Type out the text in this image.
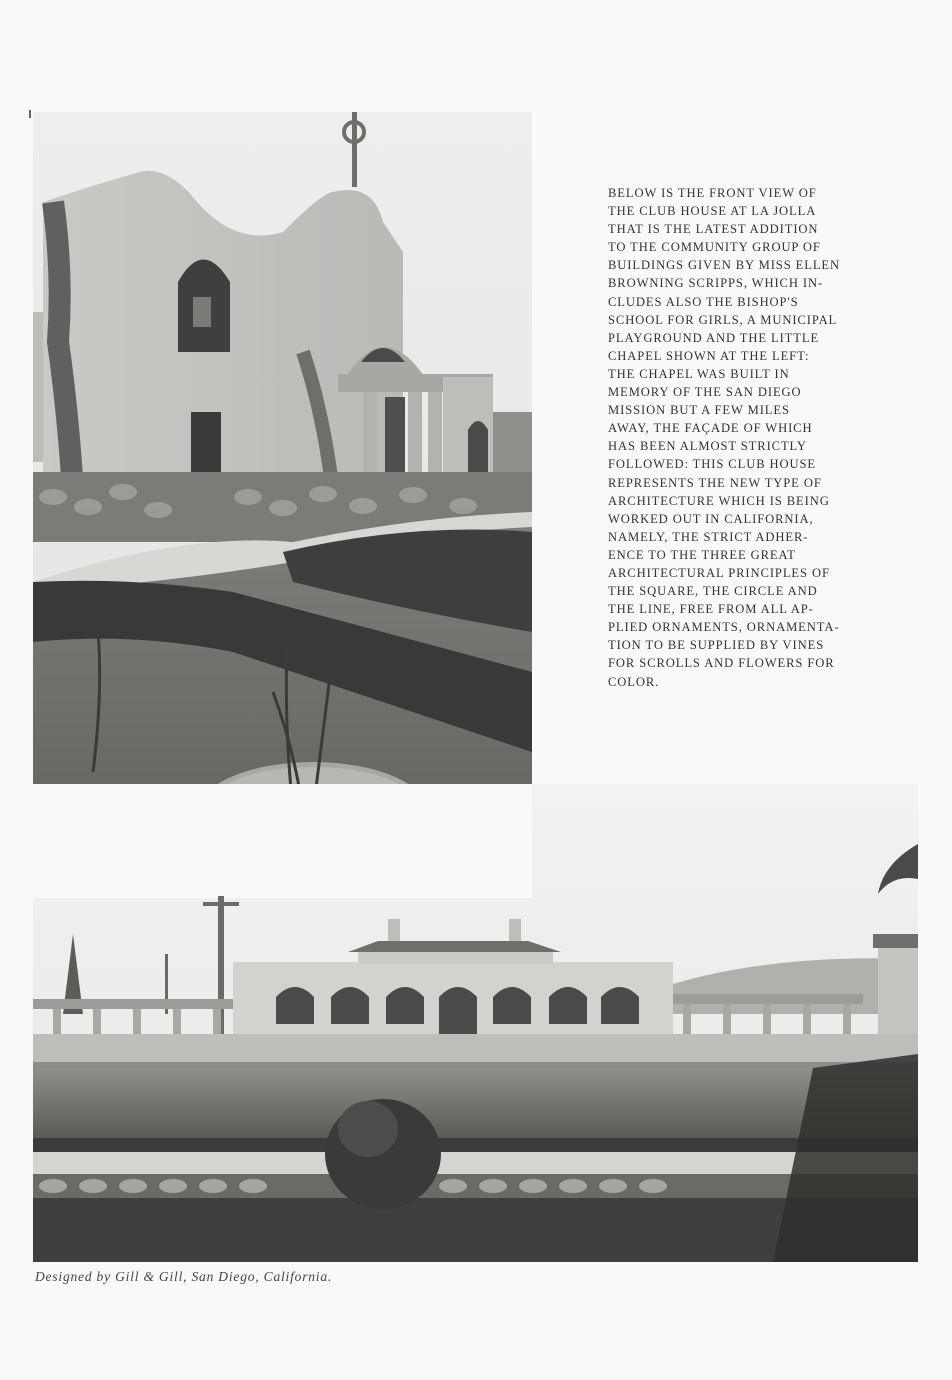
BELOW IS THE FRONT VIEW OF
THE CLUB HOUSE AT LA JOLLA
THAT IS THE LATEST ADDITION
TO THE COMMUNITY GROUP OF
BUILDINGS GIVEN BY MISS ELLEN
BROWNING SCRIPPS, WHICH IN-
CLUDES ALSO THE BISHOP'S
SCHOOL FOR GIRLS, A MUNICIPAL
PLAYGROUND AND THE LITTLE
CHAPEL SHOWN AT THE LEFT:
THE CHAPEL WAS BUILT IN
MEMORY OF THE SAN DIEGO
MISSION BUT A FEW MILES
AWAY, THE FAÇADE OF WHICH
HAS BEEN ALMOST STRICTLY
FOLLOWED: THIS CLUB HOUSE
REPRESENTS THE NEW TYPE OF
ARCHITECTURE WHICH IS BEING
WORKED OUT IN CALIFORNIA,
NAMELY, THE STRICT ADHER-
ENCE TO THE THREE GREAT
ARCHITECTURAL PRINCIPLES OF
THE SQUARE, THE CIRCLE AND
THE LINE, FREE FROM ALL AP-
PLIED ORNAMENTS, ORNAMENTA-
TION TO BE SUPPLIED BY VINES
FOR SCROLLS AND FLOWERS FOR
COLOR.
Designed by Gill & Gill, San Diego, California.
